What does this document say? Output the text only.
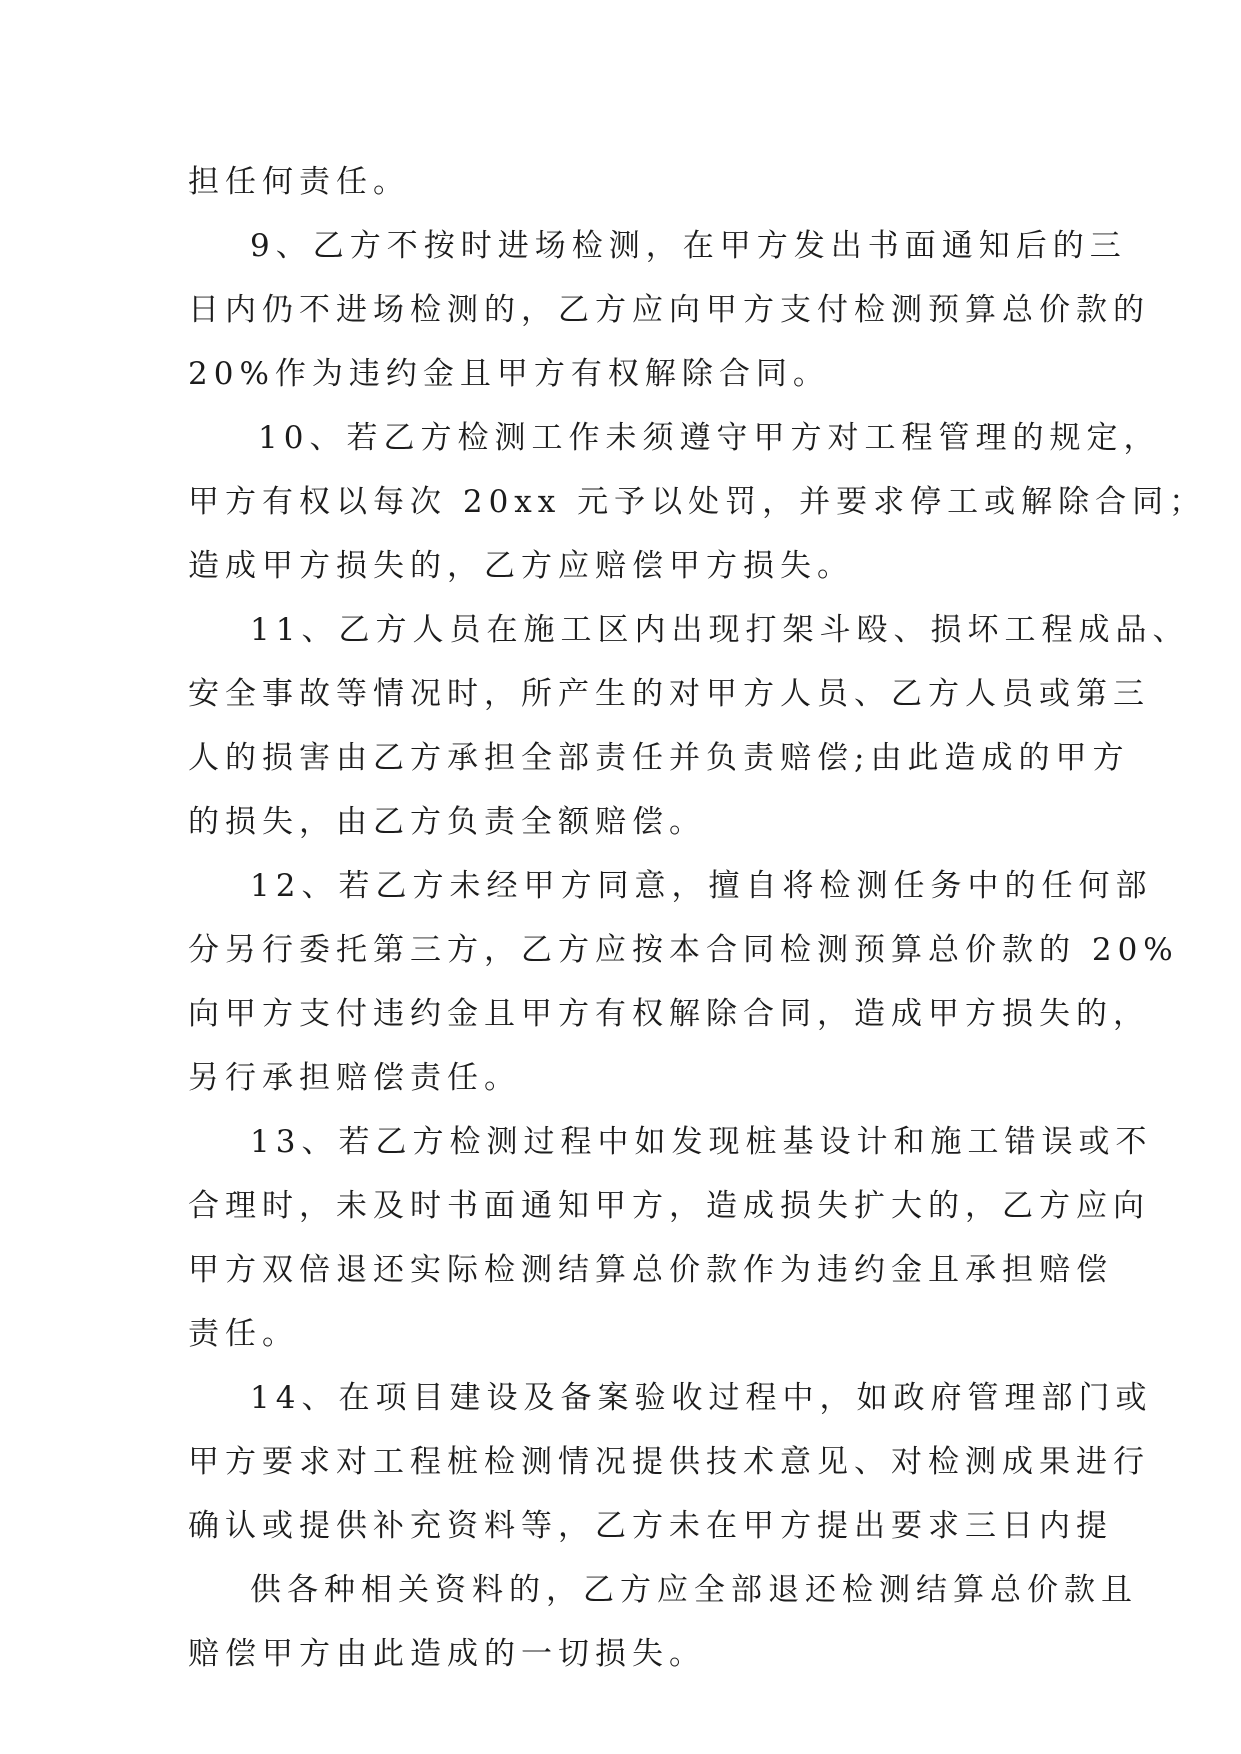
担任何责任。
9、乙方不按时进场检测，在甲方发出书面通知后的三
日内仍不进场检测的，乙方应向甲方支付检测预算总价款的
20%作为违约金且甲方有权解除合同。
10、若乙方检测工作未须遵守甲方对工程管理的规定，
甲方有权以每次 20xx 元予以处罚，并要求停工或解除合同；
造成甲方损失的，乙方应赔偿甲方损失。
11、乙方人员在施工区内出现打架斗殴、损坏工程成品、
安全事故等情况时，所产生的对甲方人员、乙方人员或第三
人的损害由乙方承担全部责任并负责赔偿;由此造成的甲方
的损失，由乙方负责全额赔偿。
12、若乙方未经甲方同意，擅自将检测任务中的任何部
分另行委托第三方，乙方应按本合同检测预算总价款的 20%
向甲方支付违约金且甲方有权解除合同，造成甲方损失的，
另行承担赔偿责任。
13、若乙方检测过程中如发现桩基设计和施工错误或不
合理时，未及时书面通知甲方，造成损失扩大的，乙方应向
甲方双倍退还实际检测结算总价款作为违约金且承担赔偿
责任。
14、在项目建设及备案验收过程中，如政府管理部门或
甲方要求对工程桩检测情况提供技术意见、对检测成果进行
确认或提供补充资料等，乙方未在甲方提出要求三日内提
供各种相关资料的，乙方应全部退还检测结算总价款且
赔偿甲方由此造成的一切损失。
